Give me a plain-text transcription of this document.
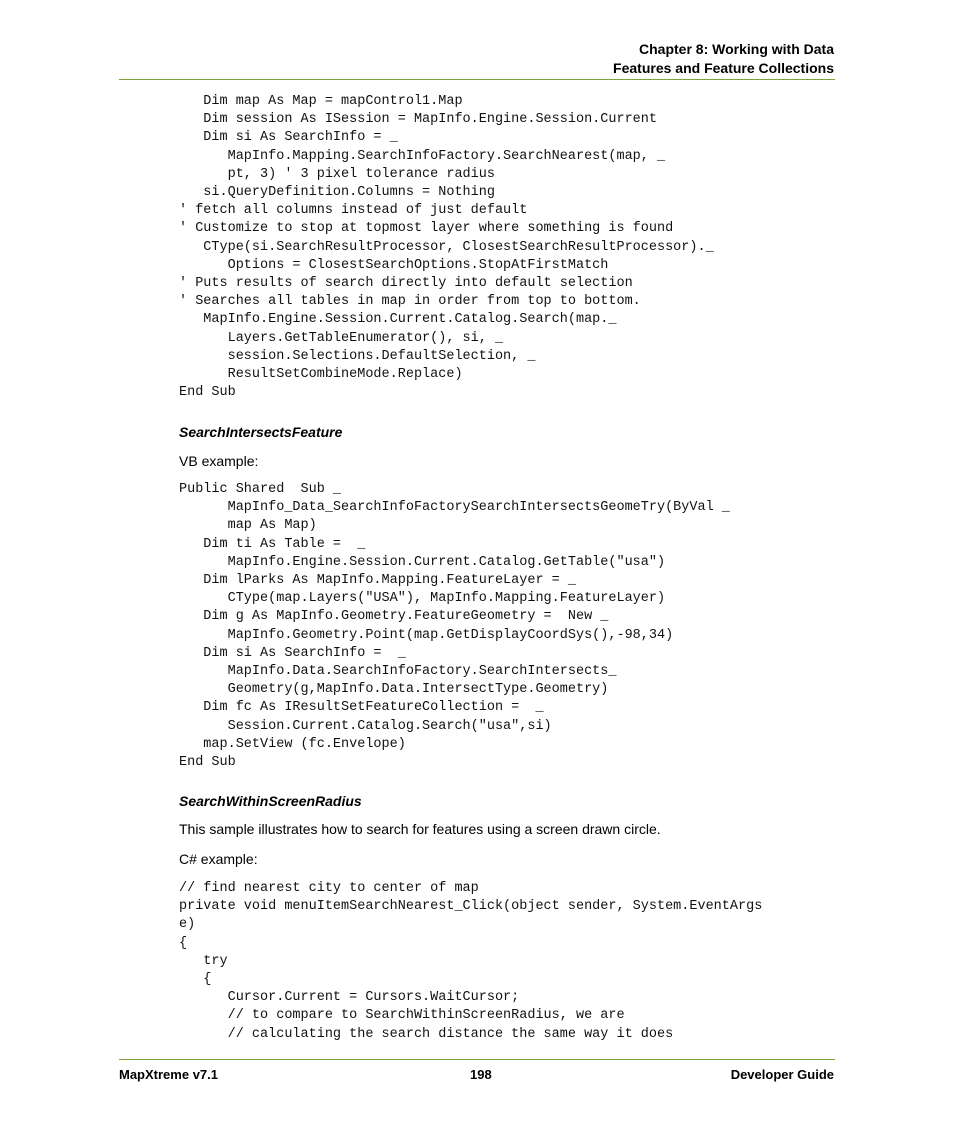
Chapter 8: Working with Data
Features and Feature Collections
Dim map As Map = mapControl1.Map
Dim session As ISession = MapInfo.Engine.Session.Current
Dim si As SearchInfo = _
MapInfo.Mapping.SearchInfoFactory.SearchNearest(map, _
pt, 3) ' 3 pixel tolerance radius
si.QueryDefinition.Columns = Nothing
' fetch all columns instead of just default
' Customize to stop at topmost layer where something is found
CType(si.SearchResultProcessor, ClosestSearchResultProcessor)._
Options = ClosestSearchOptions.StopAtFirstMatch
' Puts results of search directly into default selection
' Searches all tables in map in order from top to bottom.
MapInfo.Engine.Session.Current.Catalog.Search(map._
Layers.GetTableEnumerator(), si, _
session.Selections.DefaultSelection, _
ResultSetCombineMode.Replace)
End Sub
SearchIntersectsFeature
VB example:
Public Shared  Sub _
MapInfo_Data_SearchInfoFactorySearchIntersectsGeomeTry(ByVal _
map As Map)
Dim ti As Table =  _
MapInfo.Engine.Session.Current.Catalog.GetTable("usa")
Dim lParks As MapInfo.Mapping.FeatureLayer = _
CType(map.Layers("USA"), MapInfo.Mapping.FeatureLayer)
Dim g As MapInfo.Geometry.FeatureGeometry =  New _
MapInfo.Geometry.Point(map.GetDisplayCoordSys(),-98,34)
Dim si As SearchInfo =  _
MapInfo.Data.SearchInfoFactory.SearchIntersects_
Geometry(g,MapInfo.Data.IntersectType.Geometry)
Dim fc As IResultSetFeatureCollection =  _
Session.Current.Catalog.Search("usa",si)
map.SetView (fc.Envelope)
End Sub
SearchWithinScreenRadius
This sample illustrates how to search for features using a screen drawn circle.
C# example:
// find nearest city to center of map
private void menuItemSearchNearest_Click(object sender, System.EventArgs
e)
{
try
{
Cursor.Current = Cursors.WaitCursor;
// to compare to SearchWithinScreenRadius, we are
// calculating the search distance the same way it does
MapXtreme v7.1	198	Developer Guide
